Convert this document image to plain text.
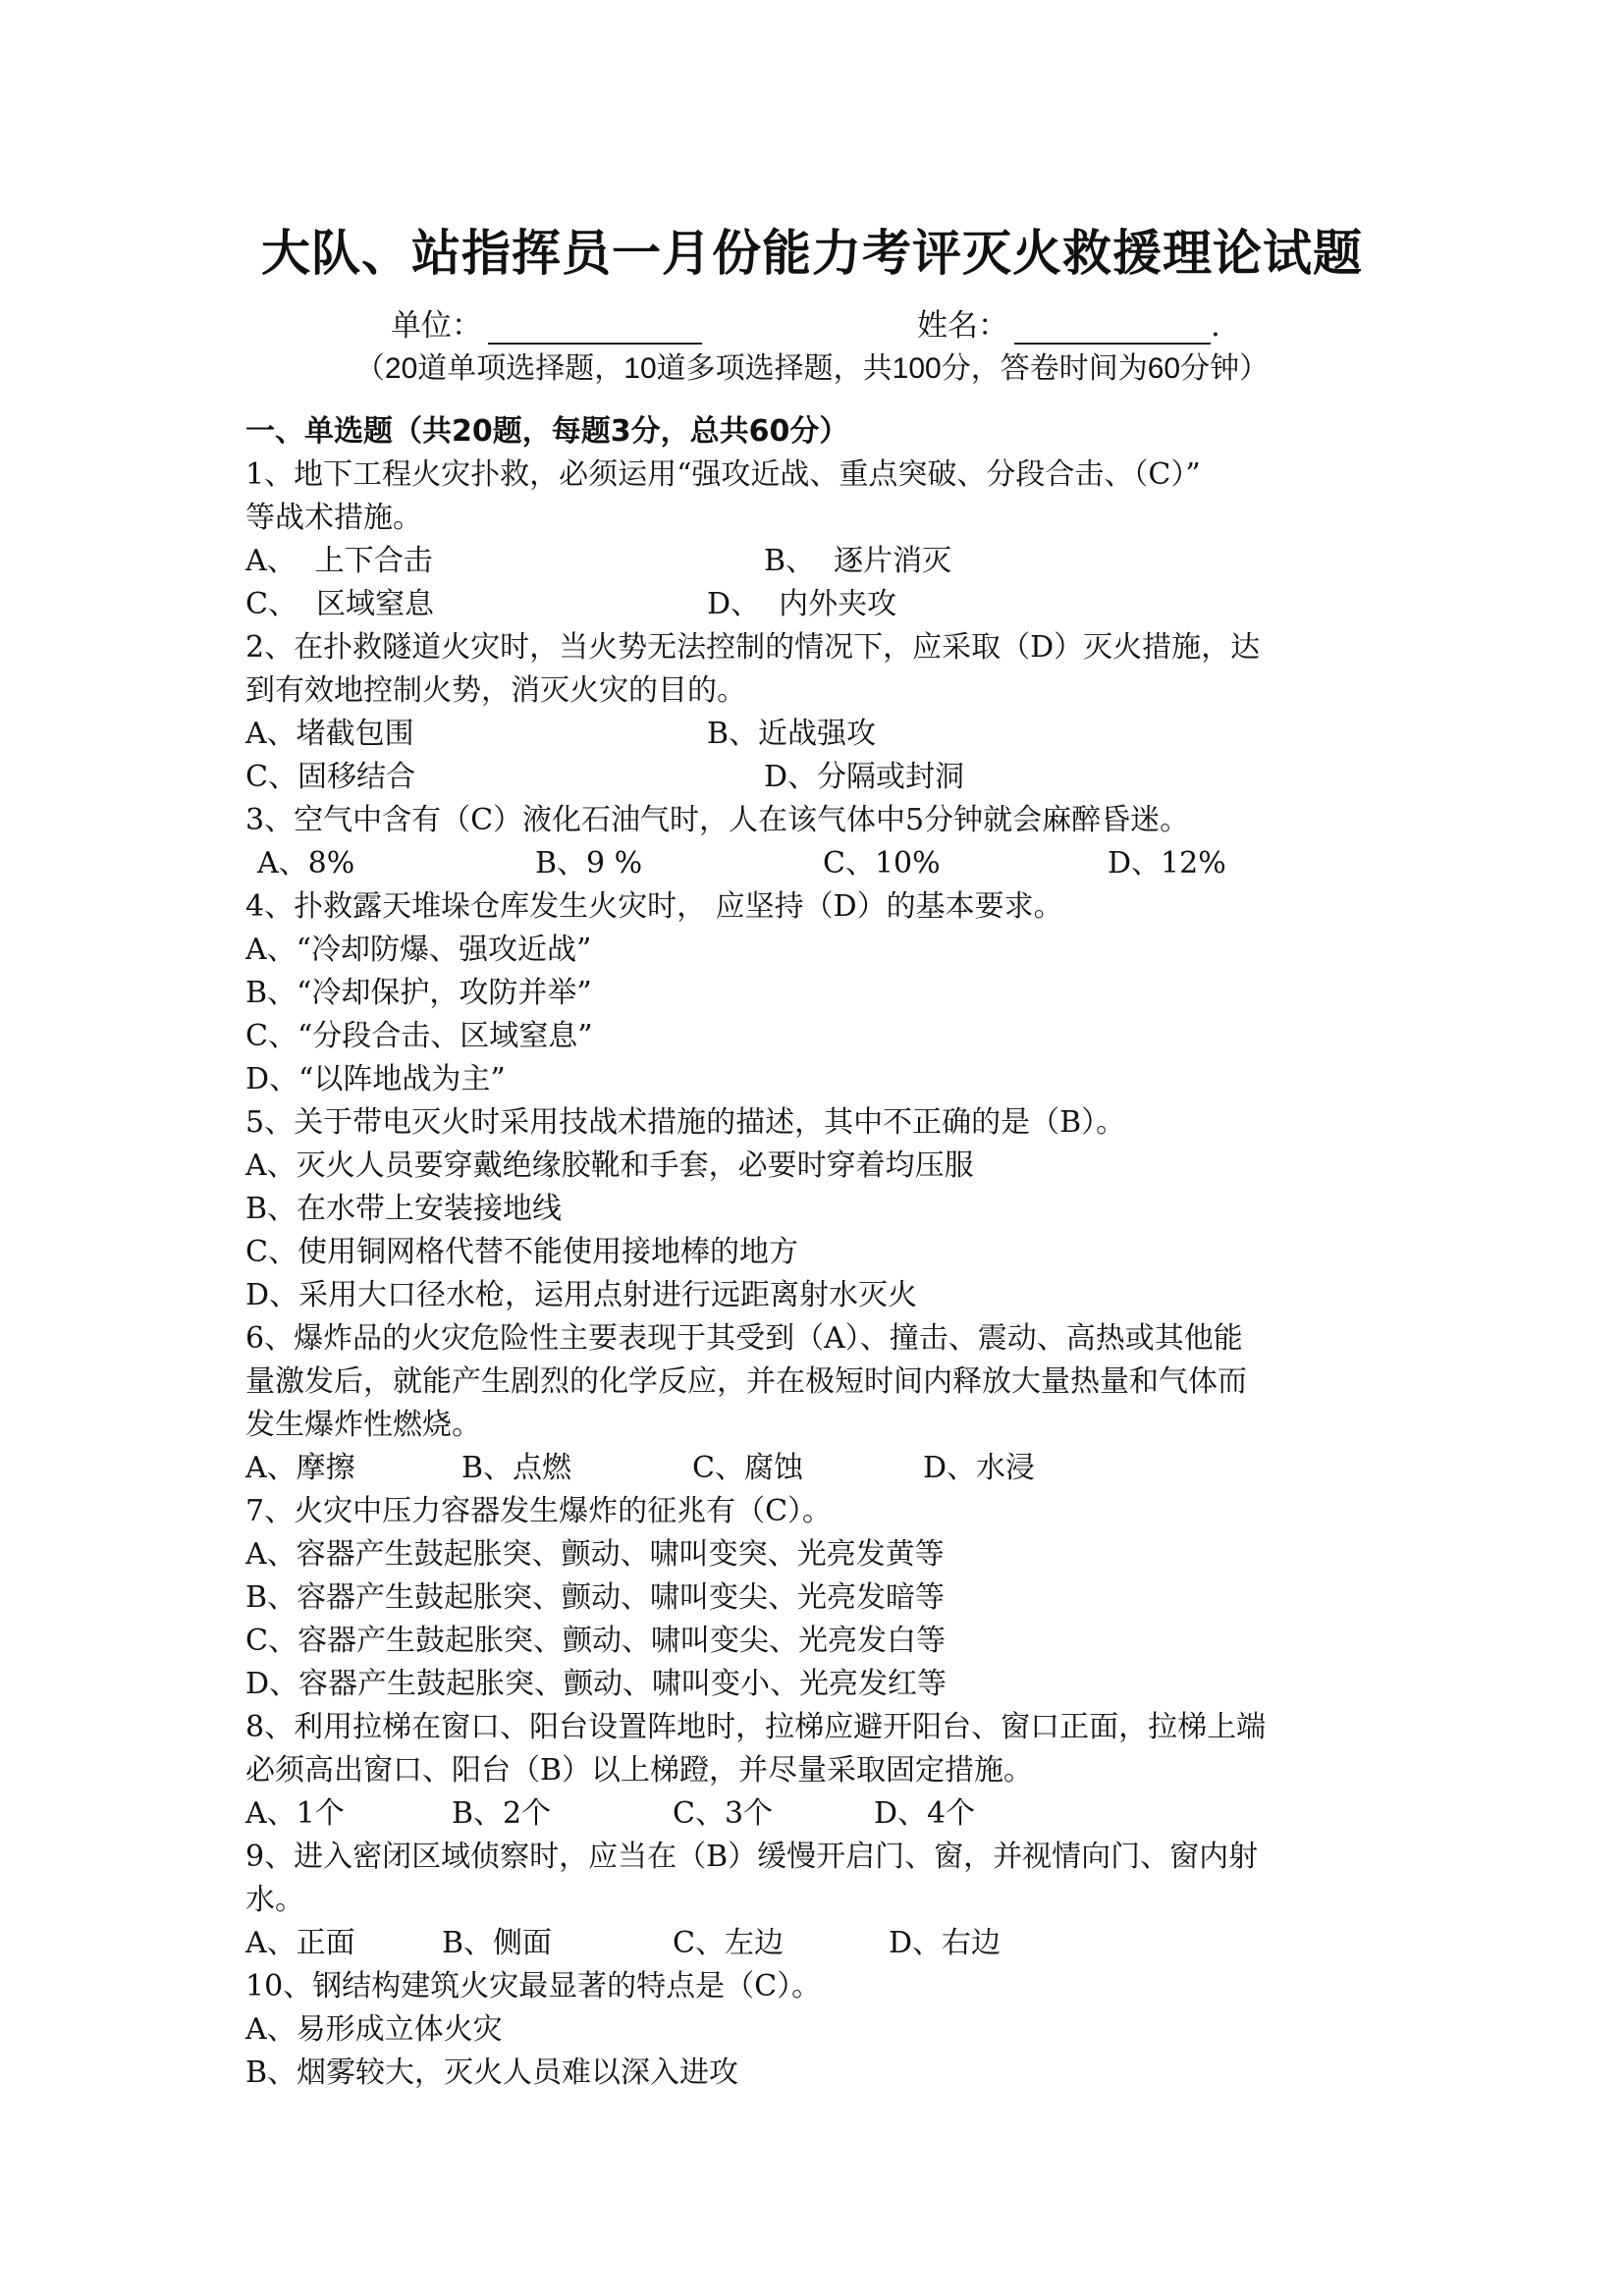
大队、站指挥员一月份能力考评灭火救援理论试题
单位：	姓名：	.
（20道单项选择题，10道多项选择题，共100分，答卷时间为60分钟）
一、单选题（共20题，每题3分，总共60分）
1、地下工程火灾扑救，必须运用“强攻近战、重点突破、分段合击、（C）”
等战术措施。
A、  上下合击	B、  逐片消灭
C、  区域窒息	D、  内外夹攻
2、在扑救隧道火灾时，当火势无法控制的情况下，应采取（D）灭火措施，达
到有效地控制火势，消灭火灾的目的。
A、堵截包围	B、近战强攻
C、固移结合	D、分隔或封洞
3、空气中含有（C）液化石油气时，人在该气体中5分钟就会麻醉昏迷。
A、8%	B、9 %	C、10%	D、12%
4、扑救露天堆垛仓库发生火灾时， 应坚持（D）的基本要求。
A、“冷却防爆、强攻近战”
B、“冷却保护，攻防并举”
C、“分段合击、区域窒息”
D、“以阵地战为主”
5、关于带电灭火时采用技战术措施的描述，其中不正确的是（B）。
A、灭火人员要穿戴绝缘胶靴和手套，必要时穿着均压服
B、在水带上安装接地线
C、使用铜网格代替不能使用接地棒的地方
D、采用大口径水枪，运用点射进行远距离射水灭火
6、爆炸品的火灾危险性主要表现于其受到（A）、撞击、震动、高热或其他能
量激发后，就能产生剧烈的化学反应，并在极短时间内释放大量热量和气体而
发生爆炸性燃烧。
A、摩擦	B、点燃	C、腐蚀	D、水浸
7、火灾中压力容器发生爆炸的征兆有（C）。
A、容器产生鼓起胀突、颤动、啸叫变突、光亮发黄等
B、容器产生鼓起胀突、颤动、啸叫变尖、光亮发暗等
C、容器产生鼓起胀突、颤动、啸叫变尖、光亮发白等
D、容器产生鼓起胀突、颤动、啸叫变小、光亮发红等
8、利用拉梯在窗口、阳台设置阵地时，拉梯应避开阳台、窗口正面，拉梯上端
必须高出窗口、阳台（B）以上梯蹬，并尽量采取固定措施。
A、1个	B、2个	C、3个	D、4个
9、进入密闭区域侦察时，应当在（B）缓慢开启门、窗，并视情向门、窗内射
水。
A、正面	B、侧面	C、左边	D、右边
10、钢结构建筑火灾最显著的特点是（C）。
A、易形成立体火灾
B、烟雾较大，灭火人员难以深入进攻
